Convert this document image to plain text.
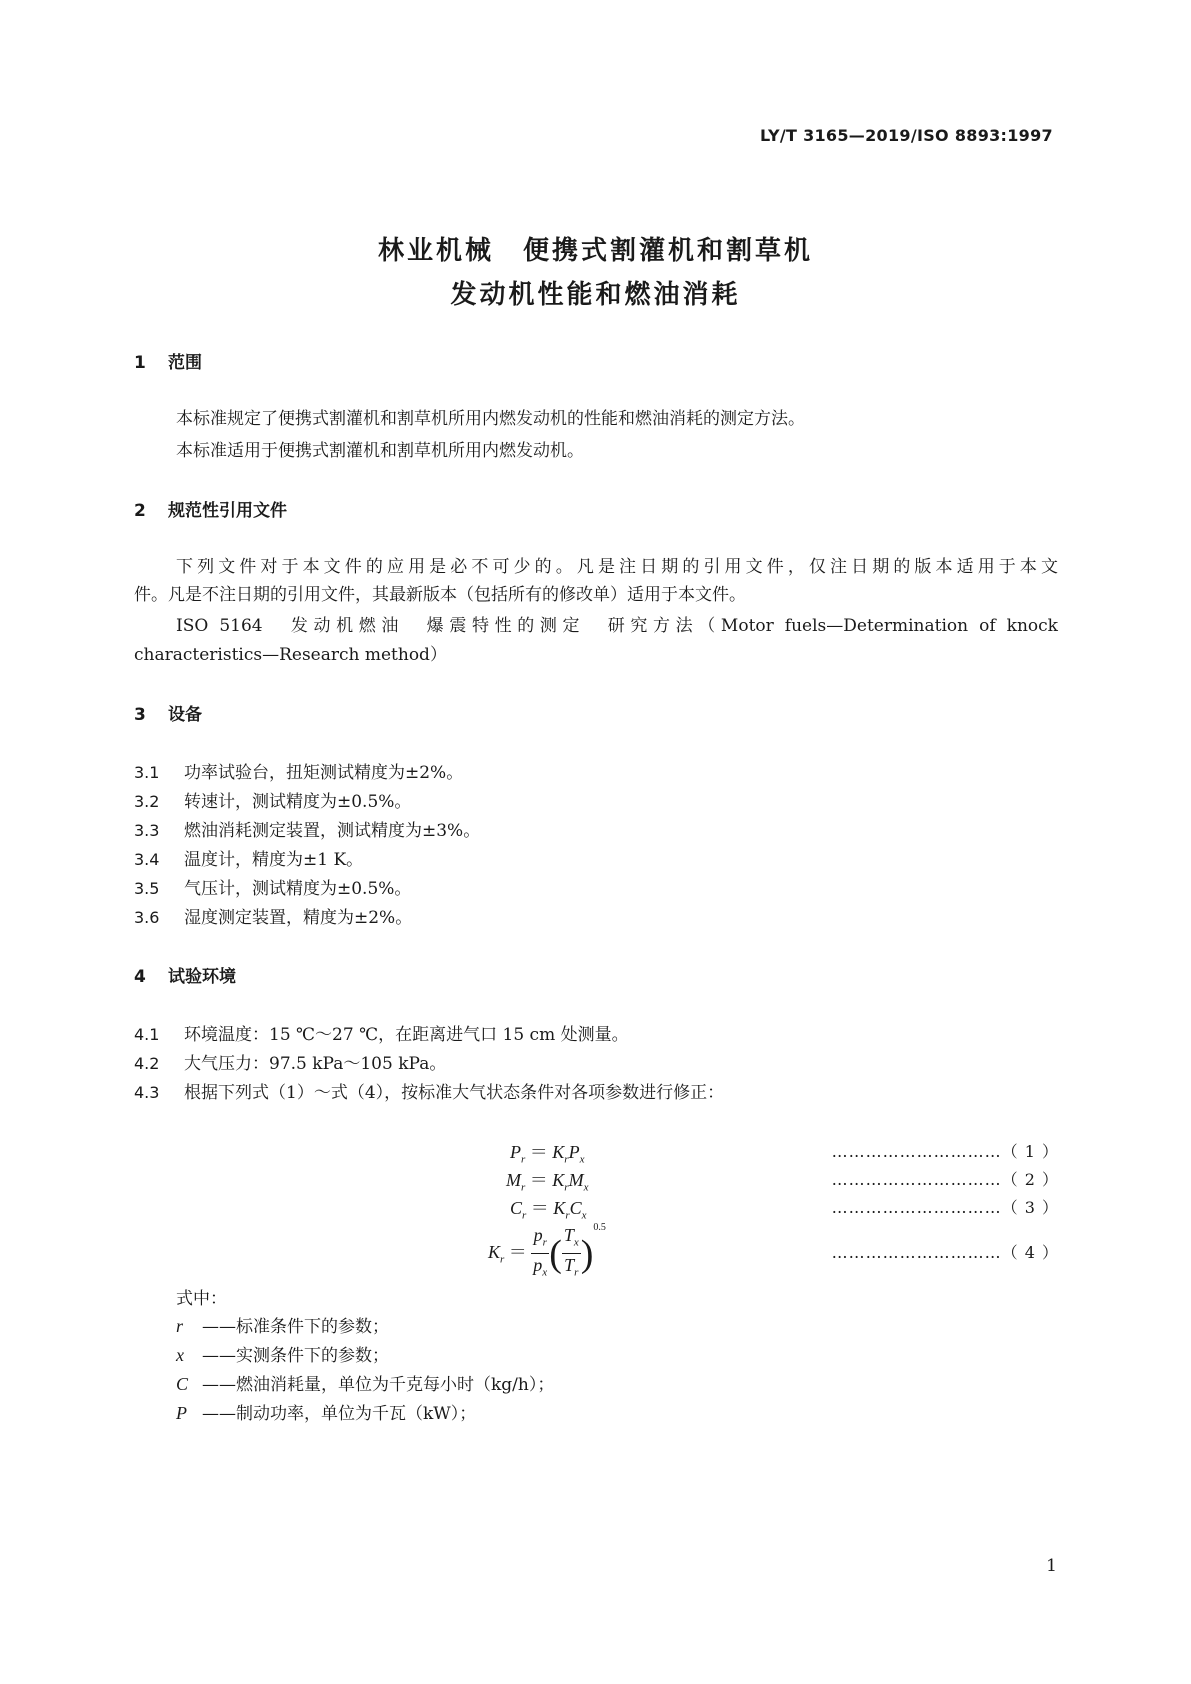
LY/T 3165—2019/ISO 8893:1997
林业机械　便携式割灌机和割草机
发动机性能和燃油消耗
1 范围
本标准规定了便携式割灌机和割草机所用内燃发动机的性能和燃油消耗的测定方法。
本标准适用于便携式割灌机和割草机所用内燃发动机。
2 规范性引用文件
下列文件对于本文件的应用是必不可少的。凡是注日期的引用文件，仅注日期的版本适用于本文
件。凡是不注日期的引用文件，其最新版本（包括所有的修改单）适用于本文件。
ISO 5164　发动机燃油　爆震特性的测定　研究方法（Motor fuels—Determination of knock
characteristics—Research method）
3 设备
3.1 功率试验台，扭矩测试精度为±2%。
3.2 转速计，测试精度为±0.5%。
3.3 燃油消耗测定装置，测试精度为±3%。
3.4 温度计，精度为±1 K。
3.5 气压计，测试精度为±0.5%。
3.6 湿度测定装置，精度为±2%。
4 试验环境
4.1 环境温度：15 ℃～27 ℃，在距离进气口 15 cm 处测量。
4.2 大气压力：97.5 kPa～105 kPa。
4.3 根据下列式（1）～式（4），按标准大气状态条件对各项参数进行修正：
$P_r = K_rP_x$	…………………………（ 1 ）
$M_r = K_rM_x$	…………………………（ 2 ）
$C_r = K_rC_x$	…………………………（ 3 ）
$K_r = \frac{p_r}{p_x}$ ( $\frac{T_x}{T_r} )^{0.5}$
…………………………（ 4 ）
式中：
r ——标准条件下的参数；
x ——实测条件下的参数；
C ——燃油消耗量，单位为千克每小时（kg/h）；
P ——制动功率，单位为千瓦（kW）；
1
